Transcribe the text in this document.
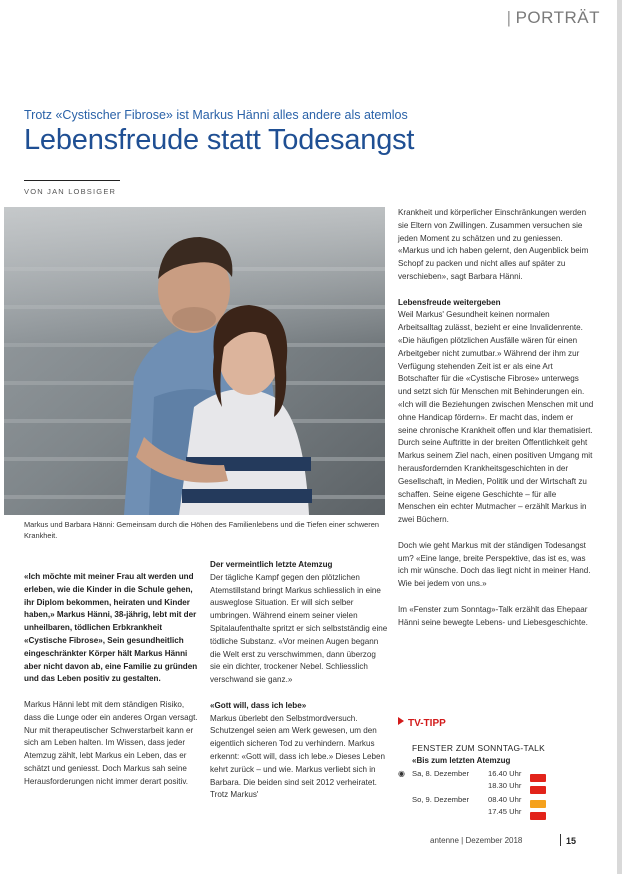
| PORTRÄT
Trotz «Cystischer Fibrose» ist Markus Hänni alles andere als atemlos
Lebensfreude statt Todesangst
VON JAN LOBSIGER
Markus und Barbara Hänni: Gemeinsam durch die Höhen des Familienlebens und die Tiefen einer schweren Krankheit.

«Ich möchte mit meiner Frau alt werden und erleben, wie die Kinder in die Schule gehen, ihr Diplom bekommen, heiraten und Kinder haben,» Markus Hänni, 38-jährig, lebt mit der unheilbaren, tödlichen Erbkrankheit «Cystische Fibrose», Sein gesundheitlich eingeschränkter Körper hält Markus Hänni aber nicht davon ab, eine Familie zu gründen und das Leben positiv zu gestalten.

Markus Hänni lebt mit dem ständigen Risiko, dass die Lunge oder ein anderes Organ versagt. Nur mit therapeutischer Schwerstarbeit kann er sich am Leben halten. Im Wissen, dass jeder Atemzug zählt, lebt Markus ein Leben, das er schätzt und geniesst. Doch Markus sah seine Herausforderungen nicht immer derart positiv.

Der vermeintlich letzte Atemzug

Der tägliche Kampf gegen den plötzlichen Atemstillstand bringt Markus schliesslich in eine ausweglose Situation. Er will sich selber umbringen. Während einem seiner vielen Spitalaufenthalte spritzt er sich selbstständig eine tödliche Substanz. «Vor meinen Augen begann die Welt erst zu verschwimmen, dann überzog sie ein dichter, trockener Nebel. Schliesslich verschwand sie ganz.»

«Gott will, dass ich lebe»

Markus überlebt den Selbstmordversuch. Schutzengel seien am Werk gewesen, um den eigentlich sicheren Tod zu verhindern. Markus erkennt: «Gott will, dass ich lebe.» Dieses Leben kehrt zurück – und wie. Markus verliebt sich in Barbara. Die beiden sind seit 2012 verheiratet. Trotz Markus'

Krankheit und körperlicher Einschränkungen werden sie Eltern von Zwillingen. Zusammen versuchen sie jeden Moment zu schätzen und zu geniessen. «Markus und ich haben gelernt, den Augenblick beim Schopf zu packen und nicht alles auf später zu verschieben», sagt Barbara Hänni.

Lebensfreude weitergeben

Weil Markus' Gesundheit keinen normalen Arbeitsalltag zulässt, bezieht er eine Invalidenrente. «Die häufigen plötzlichen Ausfälle wären für einen Arbeitgeber nicht zumutbar.» Während der ihm zur Verfügung stehenden Zeit ist er als eine Art Botschafter für die «Cystische Fibrose» unterwegs und setzt sich für Menschen mit Behinderungen ein. «Ich will die Beziehungen zwischen Menschen mit und ohne Handicap fördern». Er macht das, indem er seine chronische Krankheit offen und klar thematisiert. Durch seine Auftritte in der breiten Öffentlichkeit geht Markus seinem Ziel nach, einen positiven Umgang mit herausfordernden Krankheitsgeschichten in der Gesellschaft, in Medien, Politik und der Wirtschaft zu schaffen. Seine eigene Geschichte – für alle Menschen ein echter Mutmacher – erzählt Markus in zwei Büchern.

Doch wie geht Markus mit der ständigen Todesangst um? «Eine lange, breite Perspektive, das ist es, was ich mir wünsche. Doch das liegt nicht in meiner Hand. Wie bei jedem von uns.»

Im «Fenster zum Sonntag»-Talk erzählt das Ehepaar Hänni seine bewegte Lebens- und Liebesgeschichte.

TV-TIPP
FENSTER ZUM SONNTAG-TALK
«Bis zum letzten Atemzug
◉ Sa, 8. Dezember	16.40 Uhr
18.30 Uhr
So, 9. Dezember	08.40 Uhr
17.45 Uhr
antenne | Dezember 2018	15
